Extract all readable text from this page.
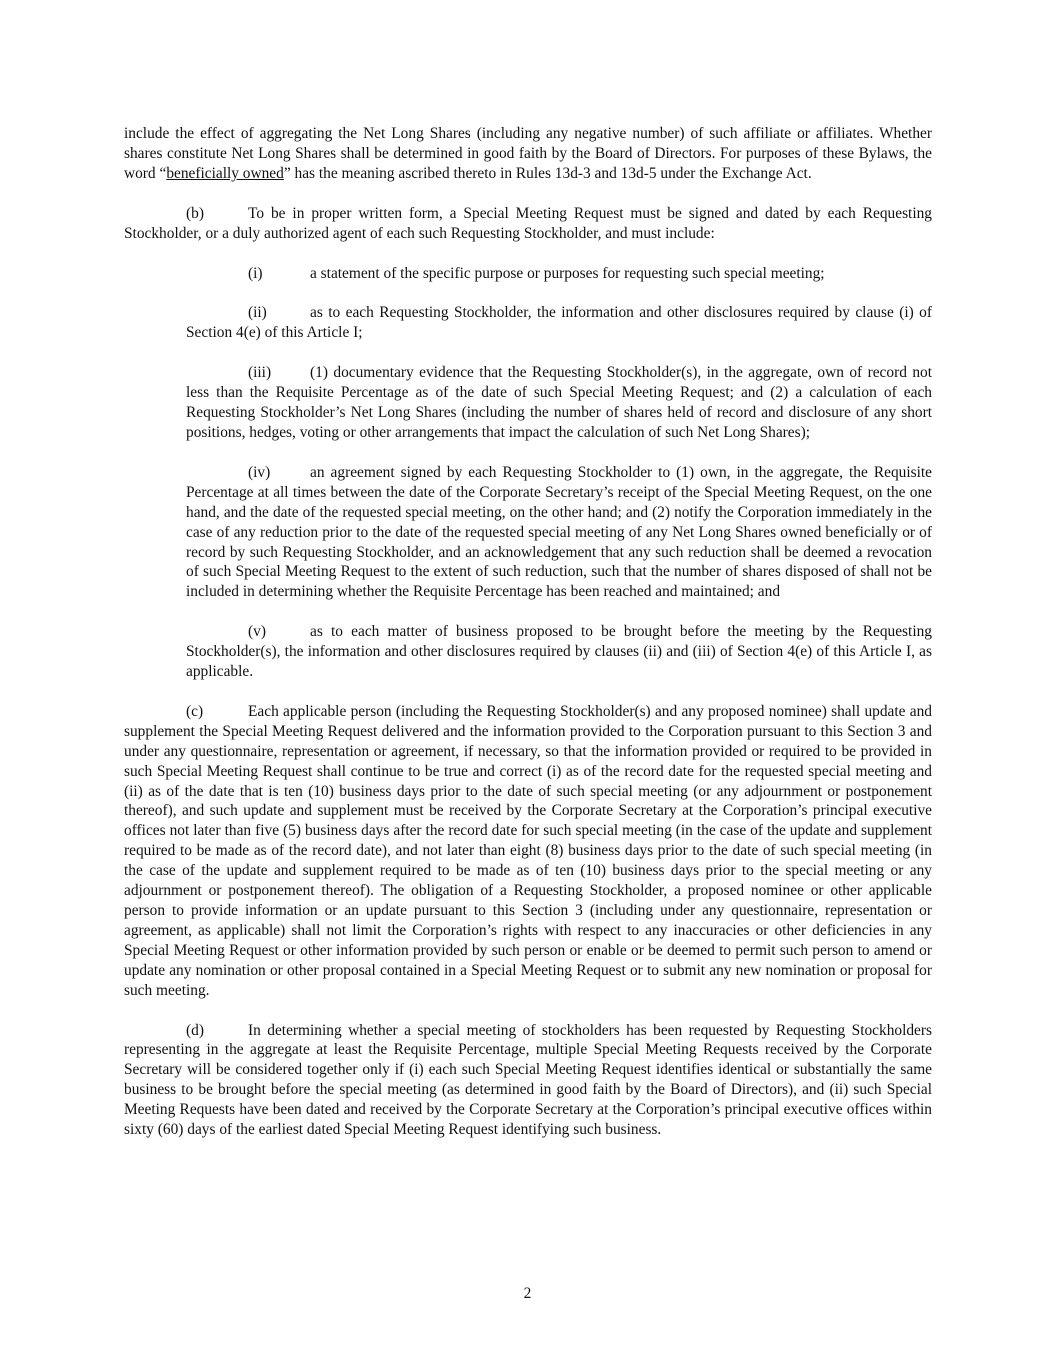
include the effect of aggregating the Net Long Shares (including any negative number) of such affiliate or affiliates. Whether shares constitute Net Long Shares shall be determined in good faith by the Board of Directors. For purposes of these Bylaws, the word “beneficially owned” has the meaning ascribed thereto in Rules 13d-3 and 13d-5 under the Exchange Act.

(b)	To be in proper written form, a Special Meeting Request must be signed and dated by each Requesting Stockholder, or a duly authorized agent of each such Requesting Stockholder, and must include:

(i)	a statement of the specific purpose or purposes for requesting such special meeting;

(ii)	as to each Requesting Stockholder, the information and other disclosures required by clause (i) of Section 4(e) of this Article I;

(iii)	(1) documentary evidence that the Requesting Stockholder(s), in the aggregate, own of record not less than the Requisite Percentage as of the date of such Special Meeting Request; and (2) a calculation of each Requesting Stockholder’s Net Long Shares (including the number of shares held of record and disclosure of any short positions, hedges, voting or other arrangements that impact the calculation of such Net Long Shares);

(iv)	an agreement signed by each Requesting Stockholder to (1) own, in the aggregate, the Requisite Percentage at all times between the date of the Corporate Secretary’s receipt of the Special Meeting Request, on the one hand, and the date of the requested special meeting, on the other hand; and (2) notify the Corporation immediately in the case of any reduction prior to the date of the requested special meeting of any Net Long Shares owned beneficially or of record by such Requesting Stockholder, and an acknowledgement that any such reduction shall be deemed a revocation of such Special Meeting Request to the extent of such reduction, such that the number of shares disposed of shall not be included in determining whether the Requisite Percentage has been reached and maintained; and

(v)	as to each matter of business proposed to be brought before the meeting by the Requesting Stockholder(s), the information and other disclosures required by clauses (ii) and (iii) of Section 4(e) of this Article I, as applicable.

(c)	Each applicable person (including the Requesting Stockholder(s) and any proposed nominee) shall update and supplement the Special Meeting Request delivered and the information provided to the Corporation pursuant to this Section 3 and under any questionnaire, representation or agreement, if necessary, so that the information provided or required to be provided in such Special Meeting Request shall continue to be true and correct (i) as of the record date for the requested special meeting and (ii) as of the date that is ten (10) business days prior to the date of such special meeting (or any adjournment or postponement thereof), and such update and supplement must be received by the Corporate Secretary at the Corporation’s principal executive offices not later than five (5) business days after the record date for such special meeting (in the case of the update and supplement required to be made as of the record date), and not later than eight (8) business days prior to the date of such special meeting (in the case of the update and supplement required to be made as of ten (10) business days prior to the special meeting or any adjournment or postponement thereof). The obligation of a Requesting Stockholder, a proposed nominee or other applicable person to provide information or an update pursuant to this Section 3 (including under any questionnaire, representation or agreement, as applicable) shall not limit the Corporation’s rights with respect to any inaccuracies or other deficiencies in any Special Meeting Request or other information provided by such person or enable or be deemed to permit such person to amend or update any nomination or other proposal contained in a Special Meeting Request or to submit any new nomination or proposal for such meeting.

(d)	In determining whether a special meeting of stockholders has been requested by Requesting Stockholders representing in the aggregate at least the Requisite Percentage, multiple Special Meeting Requests received by the Corporate Secretary will be considered together only if (i) each such Special Meeting Request identifies identical or substantially the same business to be brought before the special meeting (as determined in good faith by the Board of Directors), and (ii) such Special Meeting Requests have been dated and received by the Corporate Secretary at the Corporation’s principal executive offices within sixty (60) days of the earliest dated Special Meeting Request identifying such business.

2
